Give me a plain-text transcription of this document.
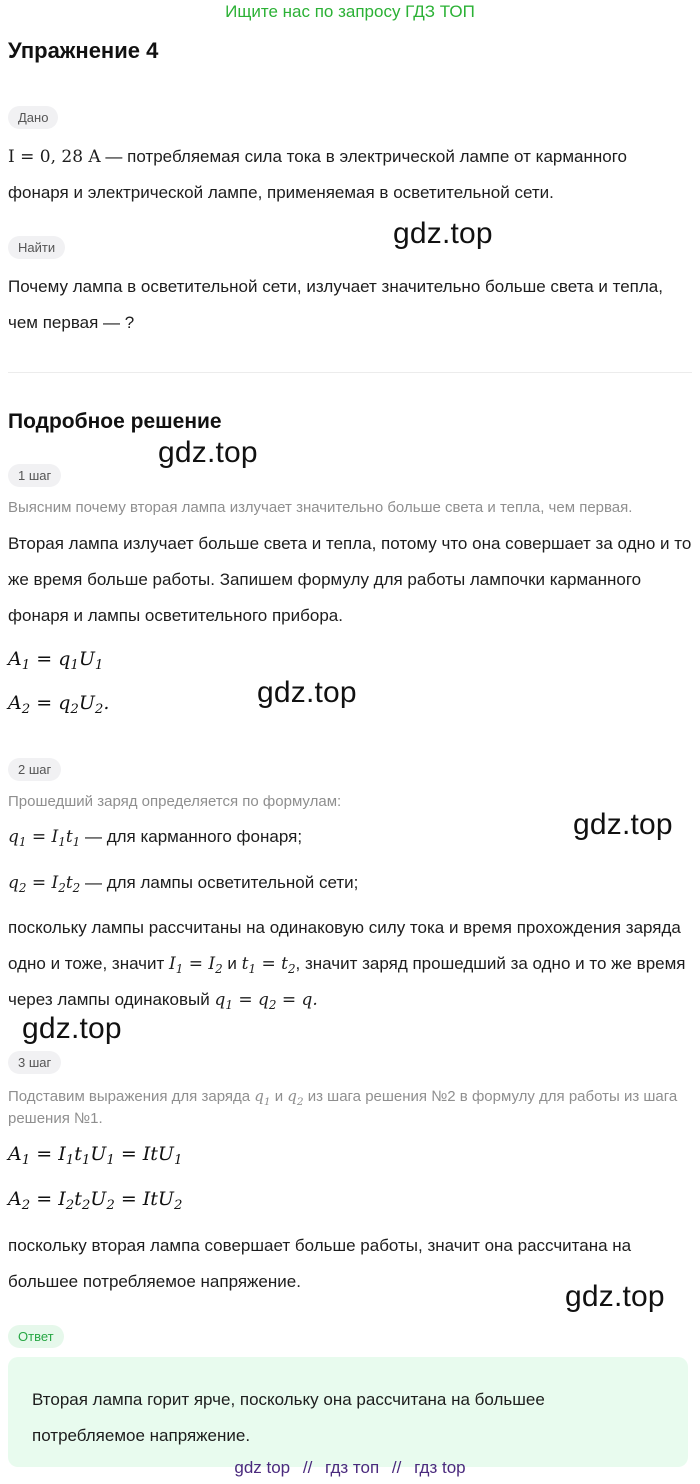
Ищите нас по запросу ГДЗ ТОП
Упражнение 4
Дано
I = 0, 28 A — потребляемая сила тока в электрической лампе от карманного фонаря и электрической лампе, применяемая в осветительной сети.
Найти	gdz.top
Почему лампа в осветительной сети, излучает значительно больше света и тепла, чем первая — ?
Подробное решение
gdz.top
1 шаг
Выясним почему вторая лампа излучает значительно больше света и тепла, чем первая.
Вторая лампа излучает больше света и тепла, потому что она совершает за одно и то же время больше работы. Запишем формулу для работы лампочки карманного фонаря и лампы осветительного прибора.
$A_1 = q_1U_1$
$A_2 = q_2U_2$.	gdz.top
2 шаг
Прошедший заряд определяется по формулам:
gdz.top
$q_1 = I_1t_1$ — для карманного фонаря;
$q_2 = I_2t_2$ — для лампы осветительной сети;
поскольку лампы рассчитаны на одинаковую силу тока и время прохождения заряда одно и тоже, значит $I_1 = I_2$ и $t_1 = t_2$, значит заряд прошедший за одно и то же время через лампы одинаковый $q_1 = q_2 = q$.
gdz.top
3 шаг
Подставим выражения для заряда $q_1$ и $q_2$ из шага решения №2 в формулу для работы из шага решения №1.
$A_1 = I_1t_1U_1 = ItU_1$
$A_2 = I_2t_2U_2 = ItU_2$
поскольку вторая лампа совершает больше работы, значит она рассчитана на большее потребляемое напряжение.	gdz.top
Ответ
Вторая лампа горит ярче, поскольку она рассчитана на большее потребляемое напряжение.
gdz top // гдз топ // гдз top
